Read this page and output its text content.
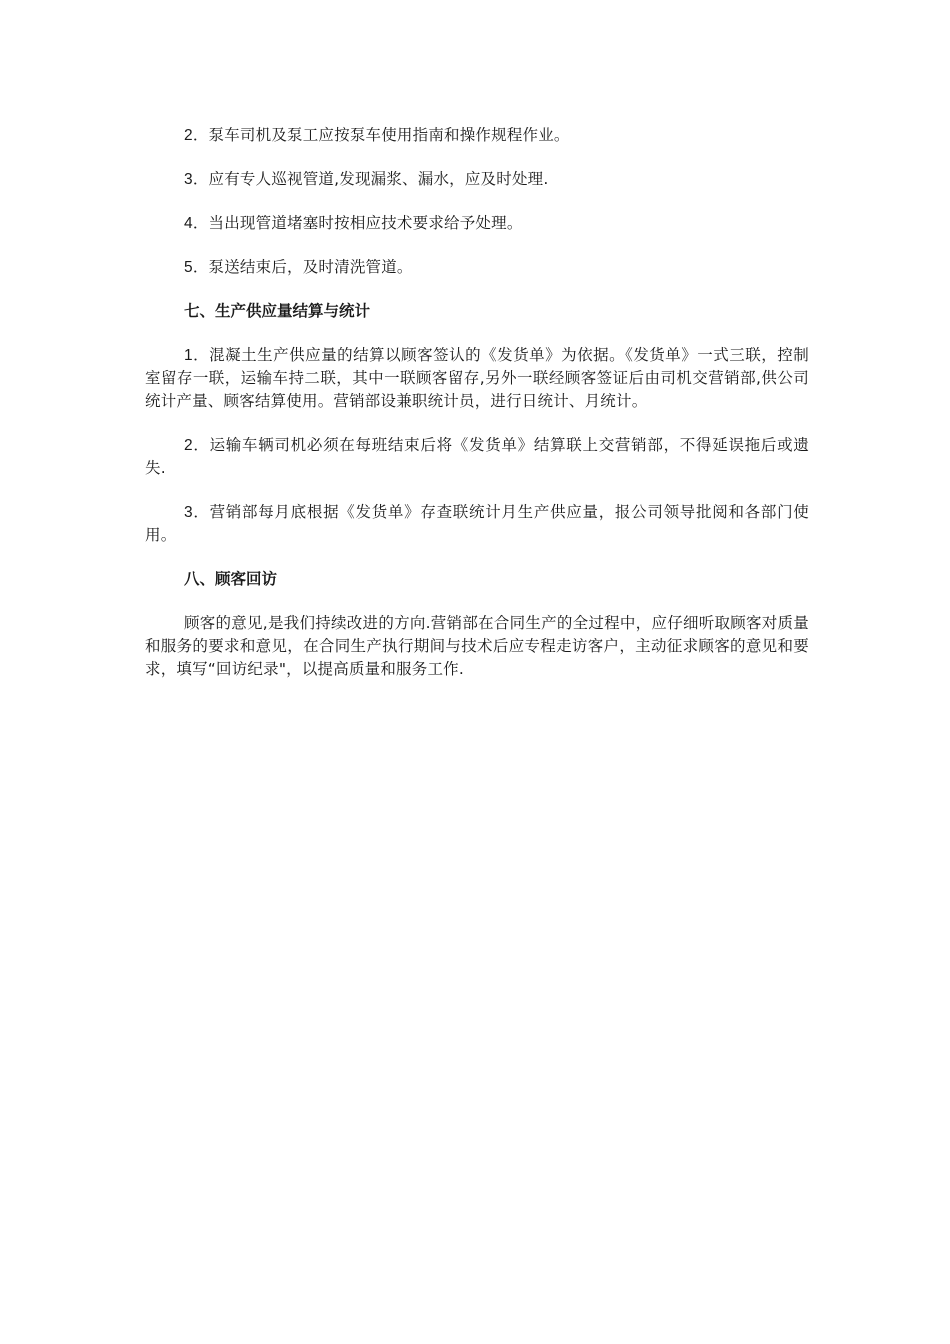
2．泵车司机及泵工应按泵车使用指南和操作规程作业。

3．应有专人巡视管道,发现漏浆、漏水，应及时处理.

4．当出现管道堵塞时按相应技术要求给予处理。

5．泵送结束后，及时清洗管道。

七、生产供应量结算与统计

1．混凝土生产供应量的结算以顾客签认的《发货单》为依据。《发货单》一式三联，控制室留存一联，运输车持二联，其中一联顾客留存,另外一联经顾客签证后由司机交营销部,供公司统计产量、顾客结算使用。营销部设兼职统计员，进行日统计、月统计。

2．运输车辆司机必须在每班结束后将《发货单》结算联上交营销部，不得延误拖后或遗失.

3．营销部每月底根据《发货单》存查联统计月生产供应量，报公司领导批阅和各部门使用。

八、顾客回访

顾客的意见,是我们持续改进的方向.营销部在合同生产的全过程中，应仔细听取顾客对质量和服务的要求和意见，在合同生产执行期间与技术后应专程走访客户，主动征求顾客的意见和要求，填写“回访纪录"，以提高质量和服务工作.
